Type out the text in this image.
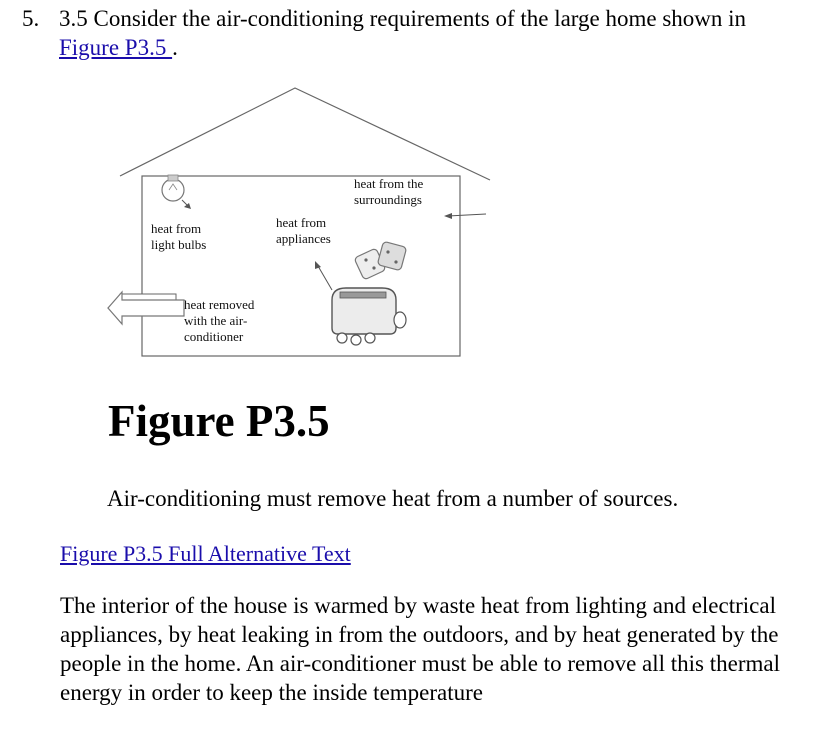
5. 3.5 Consider the air-conditioning requirements of the large home shown in Figure P3.5 .
heat from the
surroundings
heat from
light bulbs
heat from
appliances
heat removed
with the air-
conditioner
Figure P3.5
Air-conditioning must remove heat from a number of sources.
Figure P3.5 Full Alternative Text
The interior of the house is warmed by waste heat from lighting and electrical appliances, by heat leaking in from the outdoors, and by heat generated by the people in the home. An air-conditioner must be able to remove all this thermal energy in order to keep the inside temperature
